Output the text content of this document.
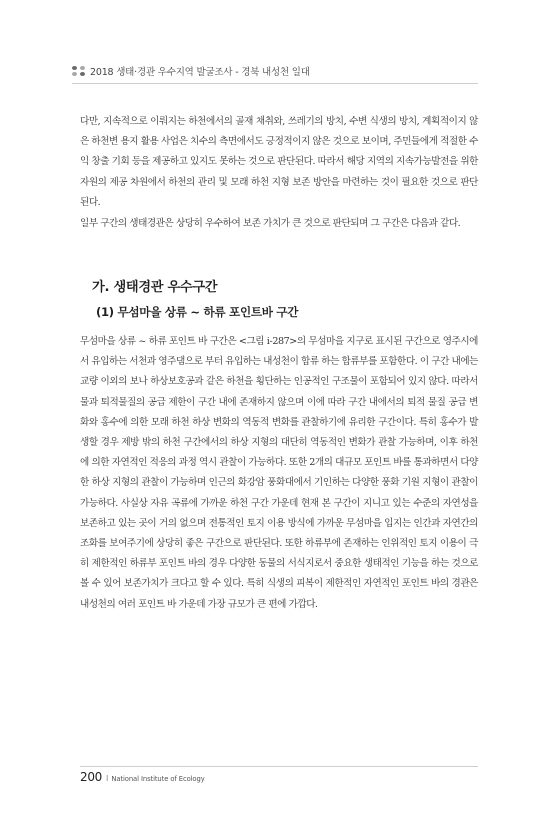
2018 생태·경관 우수지역 발굴조사 - 경북 내성천 일대

다만, 지속적으로 이뤄지는 하천에서의 골재 채취와, 쓰레기의 방치, 수변 식생의 방치, 계획적이지 않은 하천변 용지 활용 사업은 치수의 측면에서도 긍정적이지 않은 것으로 보이며, 주민들에게 적절한 수익 창출 기회 등을 제공하고 있지도 못하는 것으로 판단된다. 따라서 해당 지역의 지속가능발전을 위한 자원의 제공 차원에서 하천의 관리 및 모래 하천 지형 보존 방안을 마련하는 것이 필요한 것으로 판단된다.

일부 구간의 생태경관은 상당히 우수하여 보존 가치가 큰 것으로 판단되며 그 구간은 다음과 같다.

가. 생태경관 우수구간
(1) 무섬마을 상류 ~ 하류 포인트바 구간

무섬마을 상류 ~ 하류 포인트 바 구간은 <그림 ⅰ-287>의 무섬마을 지구로 표시된 구간으로 영주시에서 유입하는 서천과 영주댐으로 부터 유입하는 내성천이 합류 하는 합류부를 포함한다. 이 구간 내에는 교량 이외의 보나 하상보호공과 같은 하천을 횡단하는 인공적인 구조물이 포함되어 있지 않다. 따라서 물과 퇴적물질의 공급 제한이 구간 내에 존재하지 않으며 이에 따라 구간 내에서의 퇴적 물질 공급 변화와 홍수에 의한 모래 하천 하상 변화의 역동적 변화를 관찰하기에 유리한 구간이다. 특히 홍수가 발생할 경우 제방 밖의 하천 구간에서의 하상 지형의 대단히 역동적인 변화가 관찰 가능하며, 이후 하천에 의한 자연적인 적응의 과정 역시 관찰이 가능하다. 또한 2개의 대규모 포인트 바를 통과하면서 다양한 하상 지형의 관찰이 가능하며 인근의 화강암 풍화대에서 기인하는 다양한 풍화 기원 지형이 관찰이 가능하다. 사실상 자유 곡류에 가까운 하천 구간 가운데 현재 본 구간이 지니고 있는 수준의 자연성을 보존하고 있는 곳이 거의 없으며 전통적인 토지 이용 방식에 가까운 무섬마을 입지는 인간과 자연간의 조화를 보여주기에 상당히 좋은 구간으로 판단된다. 또한 하류부에 존재하는 인위적인 토지 이용이 극히 제한적인 하류부 포인트 바의 경우 다양한 동물의 서식지로서 중요한 생태적인 기능을 하는 것으로 볼 수 있어 보존가치가 크다고 할 수 있다. 특히 식생의 피복이 제한적인 자연적인 포인트 바의 경관은 내성천의 여러 포인트 바 가운데 가장 규모가 큰 편에 가깝다.

200 I National Institute of Ecology
